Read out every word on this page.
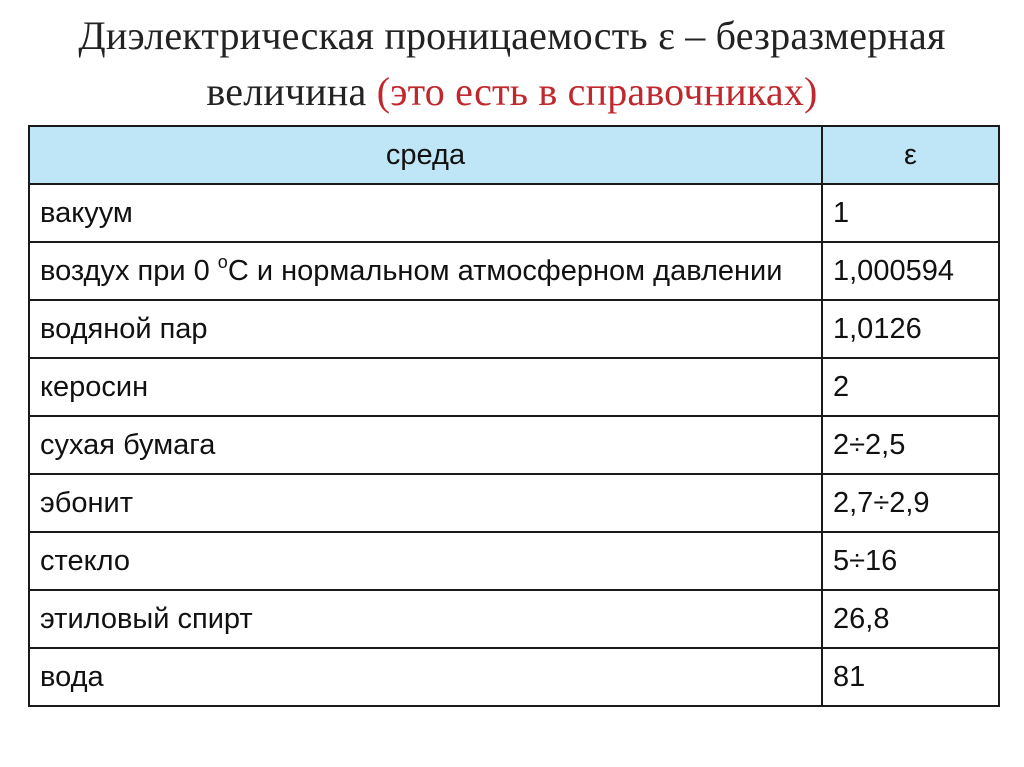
Диэлектрическая проницаемость ε – безразмерная
величина (это есть в справочниках)
среда	ε
вакуум	1
воздух при 0 $^о$С и нормальном атмосферном давлении	1,000594
водяной пар	1,0126
керосин	2
сухая бумага	2÷2,5
эбонит	2,7÷2,9
стекло	5÷16
этиловый спирт	26,8
вода	81
